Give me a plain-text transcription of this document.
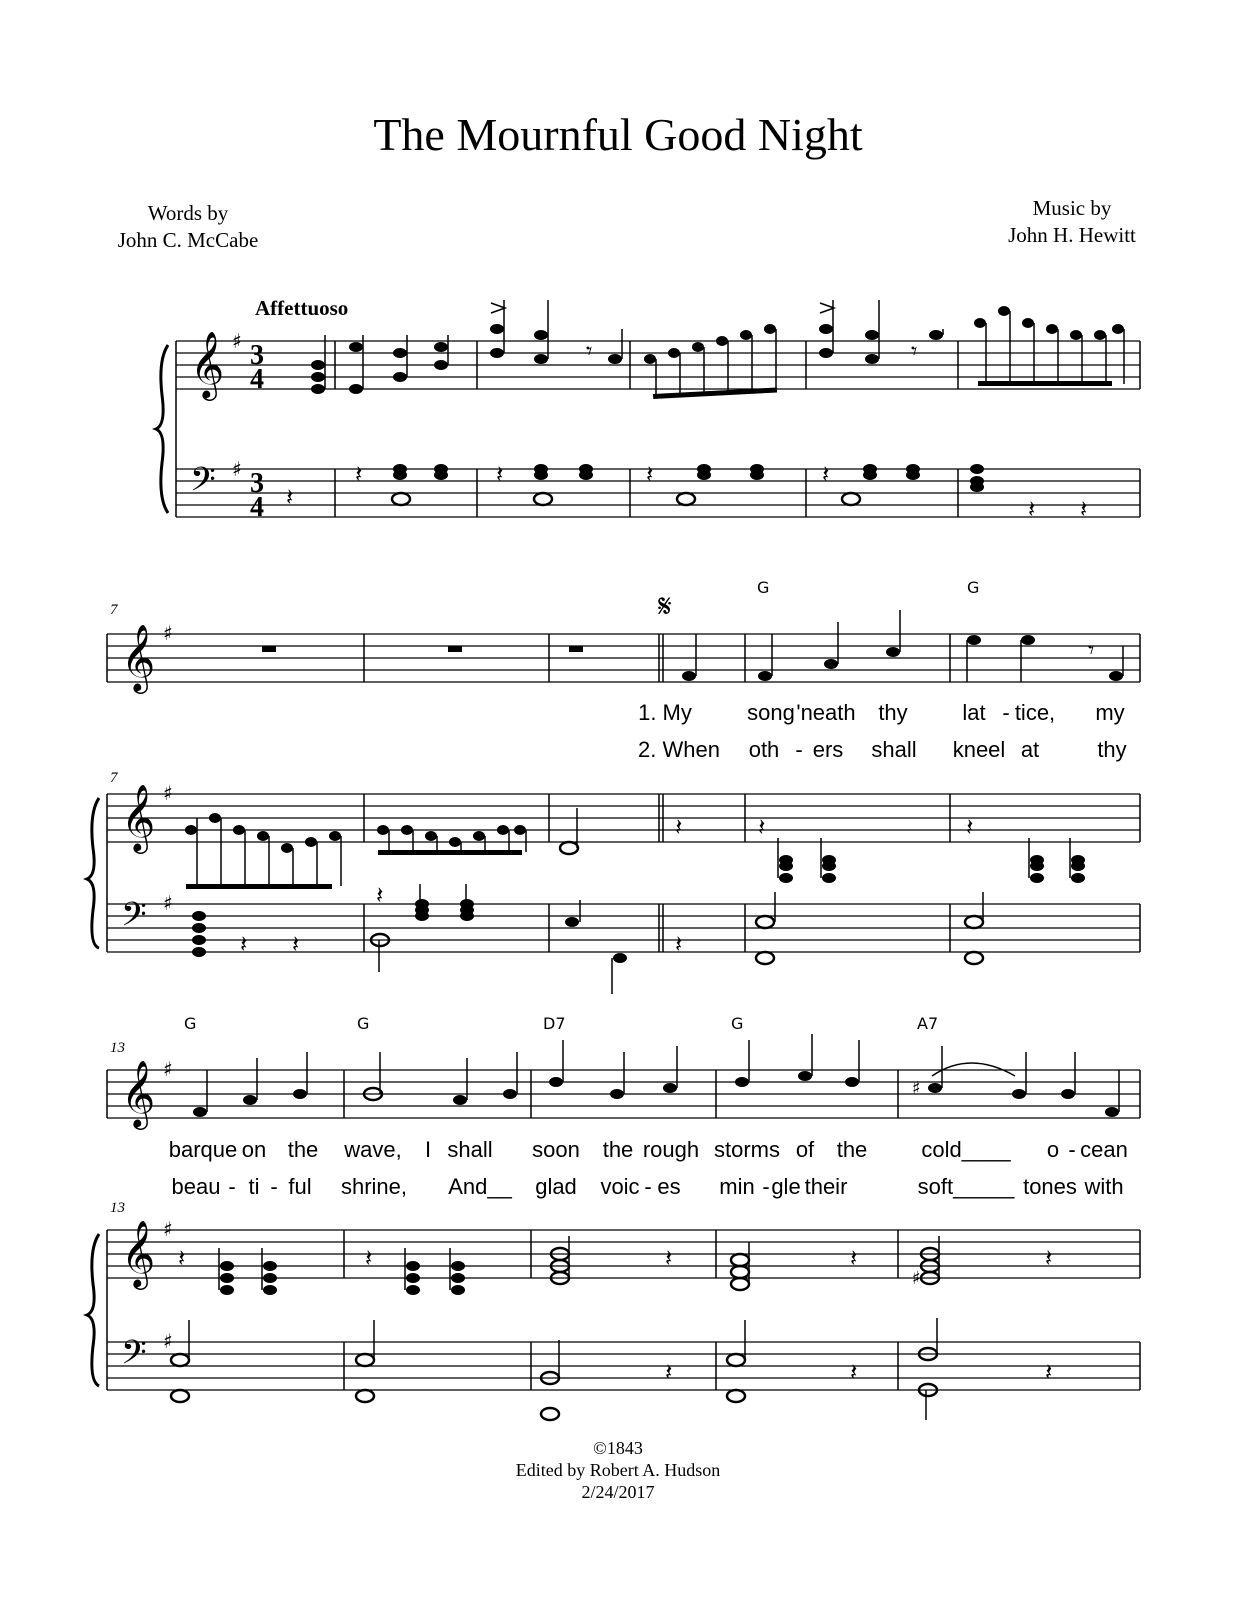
The Mournful Good Night
Words by
John C. McCabe
Music by
John H. Hewitt
Affettuoso
7
7
13
13
G	G
G	G	D7	G	A7
𝄋
1. My	song 'neath thy lat - tice, my
2. When oth - ers shall kneel at	thy
barque on the wave, I shall soon the rough storms of the cold____ o - cean
beau - ti - ful shrine, And__ glad voic - es min - gle their	soft_____ tones with
𝄞
𝄢
𝄞
𝄞
𝄢
𝄞
𝄞
𝄢
♯
♯
♯
♯
♯
♯
♯
♯
3
4
3
4 𝄽
𝄽	𝄽	𝄽	𝄽
𝄽 𝄽
𝄾	𝄾
𝄾
𝄽 𝄽
𝄽
𝄽
𝄽	𝄽	𝄽
𝄽	𝄽	𝄽	𝄽	𝄽
𝄽	𝄽	𝄽
♯
♯
©1843
Edited by Robert A. Hudson
2/24/2017
